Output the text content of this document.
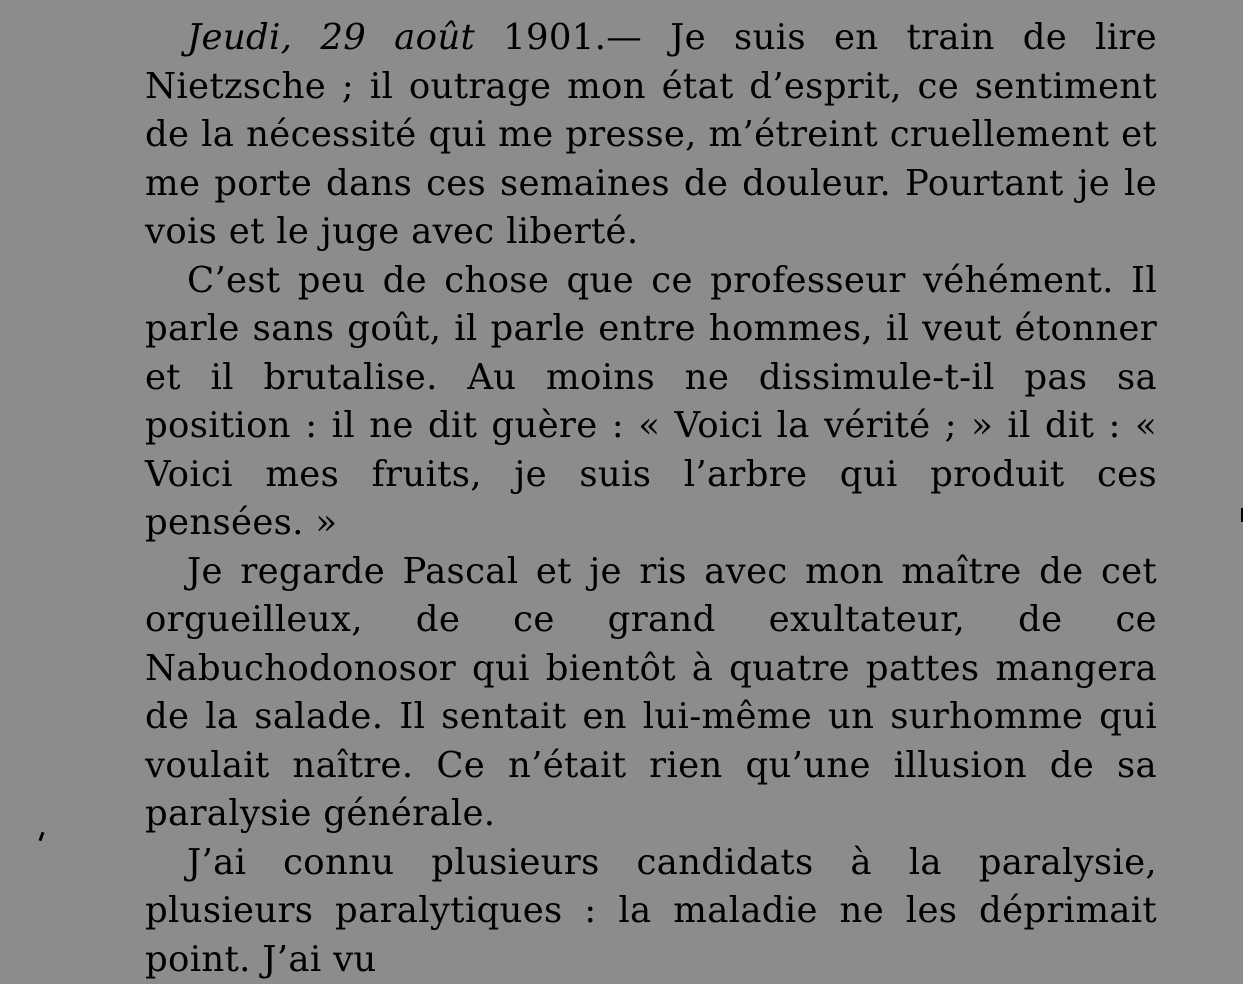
Jeudi, 29 août 1901.— Je suis en train de lire Nietzsche ; il outrage mon état d’esprit, ce sentiment de la nécessité qui me presse, m’étreint cruellement et me porte dans ces semaines de douleur. Pourtant je le vois et le juge avec liberté.

C’est peu de chose que ce professeur véhément. Il parle sans goût, il parle entre hommes, il veut étonner et il brutalise. Au moins ne dissimule-t-il pas sa position : il ne dit guère : « Voici la vérité ; » il dit : « Voici mes fruits, je suis l’arbre qui produit ces pensées. »

Je regarde Pascal et je ris avec mon maître de cet orgueilleux, de ce grand exultateur, de ce Nabuchodonosor qui bientôt à quatre pattes mangera de la salade. Il sentait en lui-même un surhomme qui voulait naître. Ce n’était rien qu’une illusion de sa paralysie générale.

J’ai connu plusieurs candidats à la paralysie, plusieurs paralytiques : la maladie ne les déprimait point. J’ai vu
